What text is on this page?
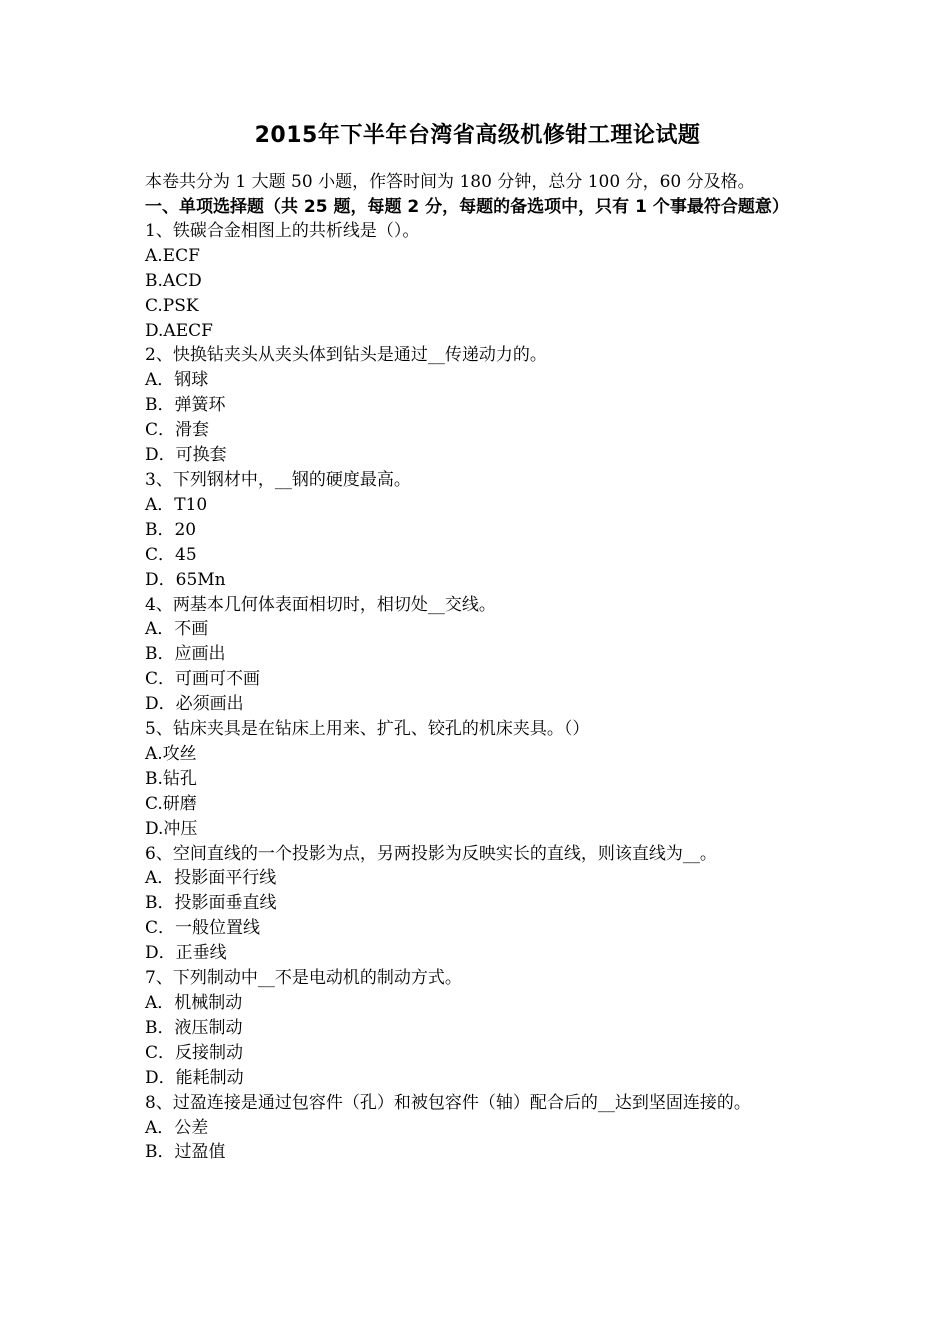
2015年下半年台湾省高级机修钳工理论试题
本卷共分为 1 大题 50 小题，作答时间为 180 分钟，总分 100 分，60 分及格。
一、单项选择题（共 25 题，每题 2 分，每题的备选项中，只有 1 个事最符合题意）
1、铁碳合金相图上的共析线是（）。
A.ECF
B.ACD
C.PSK
D.AECF
2、快换钻夹头从夹头体到钻头是通过__传递动力的。
A．钢球
B．弹簧环
C．滑套
D．可换套
3、下列钢材中，__钢的硬度最高。
A．T10
B．20
C．45
D．65Mn
4、两基本几何体表面相切时，相切处__交线。
A．不画
B．应画出
C．可画可不画
D．必须画出
5、钻床夹具是在钻床上用来、扩孔、铰孔的机床夹具。（）
A.攻丝
B.钻孔
C.研磨
D.冲压
6、空间直线的一个投影为点，另两投影为反映实长的直线，则该直线为__。
A．投影面平行线
B．投影面垂直线
C．一般位置线
D．正垂线
7、下列制动中__不是电动机的制动方式。
A．机械制动
B．液压制动
C．反接制动
D．能耗制动
8、过盈连接是通过包容件（孔）和被包容件（轴）配合后的__达到坚固连接的。
A．公差
B．过盈值
